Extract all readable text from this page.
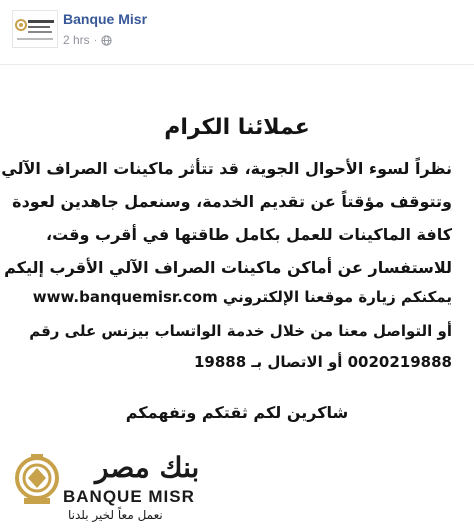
Banque Misr
2 hrs ·
عملائنا الكرام
نظراً لسوء الأحوال الجوية، قد تتأثر ماكينات الصراف الآلي
وتتوقف مؤقتاً عن تقديم الخدمة، وسنعمل جاهدين لعودة
كافة الماكينات للعمل بكامل طاقتها في أقرب وقت،
للاستفسار عن أماكن ماكينات الصراف الآلي الأقرب إليكم
يمكنكم زيارة موقعنا الإلكتروني www.banquemisr.com
أو التواصل معنا من خلال خدمة الواتساب بيزنس على رقم
0020219888 أو الاتصال بـ 19888
شاكرين لكم ثقتكم وتفهمكم
بنك مصر
BANQUE MISR
نعمل معاً لخير بلدنا
